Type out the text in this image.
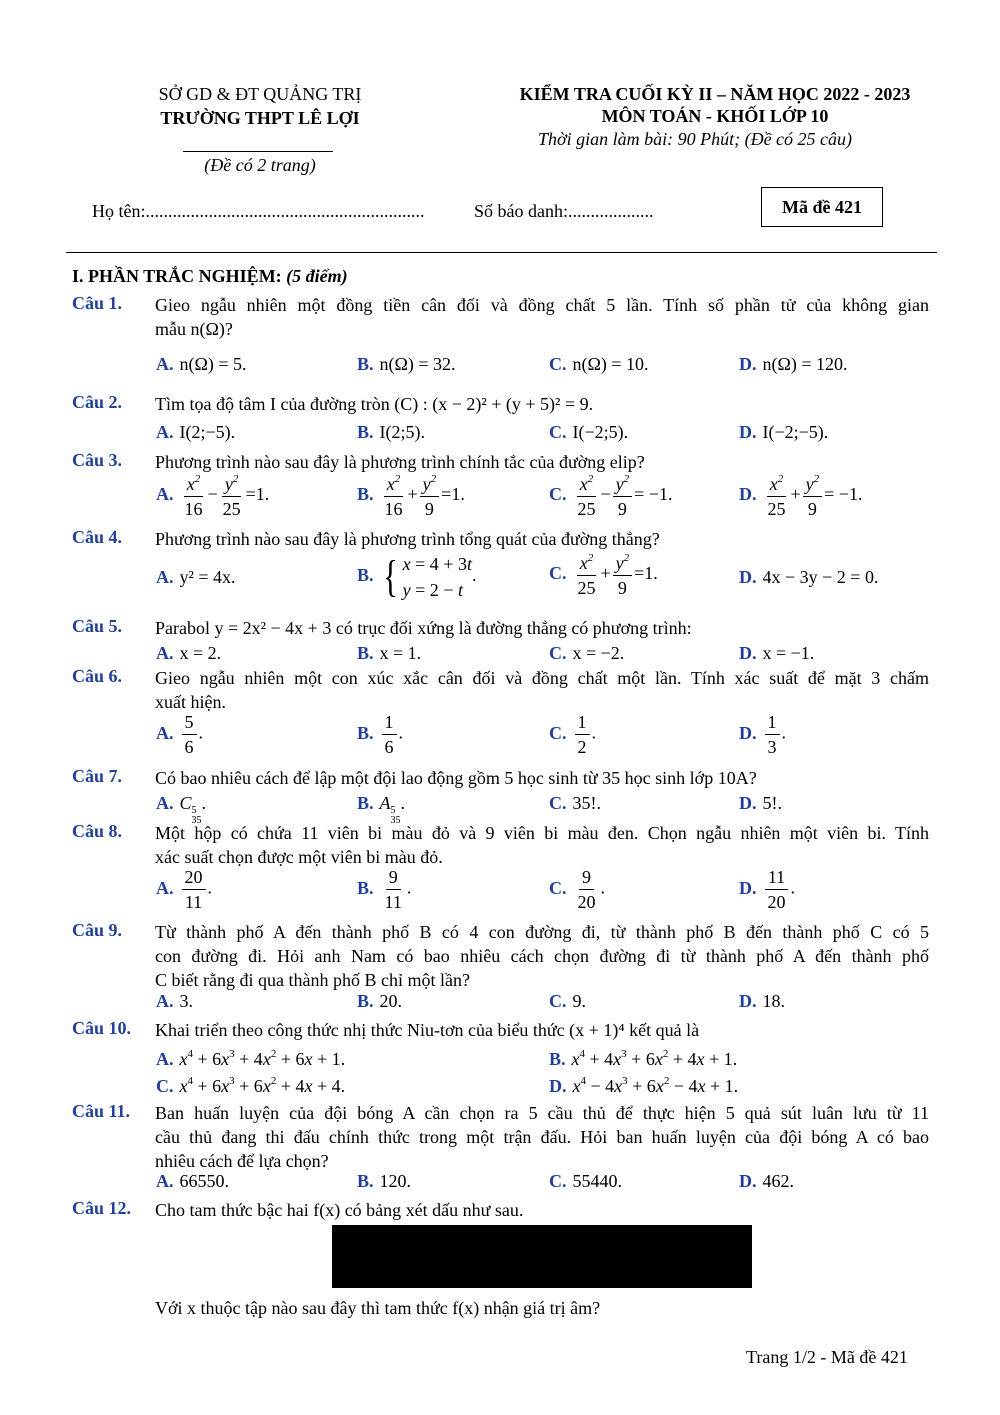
SỞ GD & ĐT QUẢNG TRỊ
TRƯỜNG THPT LÊ LỢI
(Đề có 2 trang)
KIỂM TRA CUỐI KỲ II – NĂM HỌC 2022 - 2023
MÔN TOÁN - KHỐI LỚP 10
Thời gian làm bài: 90 Phút; (Đề có 25 câu)
Họ tên:..............................................................	Số báo danh:...................	Mã đề 421
I. PHẦN TRẮC NGHIỆM: (5 điểm)
Câu 1. Gieo ngẫu nhiên một đồng tiền cân đối và đồng chất 5 lần. Tính số phần tử của không gian
mẫu n(Ω)?
A. n(Ω) = 5.	B. n(Ω) = 32.	C. n(Ω) = 10.	D. n(Ω) = 120.
Câu 2. Tìm tọa độ tâm I của đường tròn (C) : (x − 2)² + (y + 5)² = 9.
A. I(2;−5).	B. I(2;5).	C. I(−2;5).	D. I(−2;−5).
Câu 3. Phương trình nào sau đây là phương trình chính tắc của đường elip?
A. $\frac{x^2}{16} - \frac{y^2}{25} =1$.	B. $\frac{x^2}{16} + \frac{y^2}{9} =1$.	C. $\frac{x^2}{25} - \frac{y^2}{9} = -1$.	D. $\frac{x^2}{25} + \frac{y^2}{9} = -1$.
Câu 4. Phương trình nào sau đây là phương trình tổng quát của đường thẳng?
A. y² = 4x.	B. { x = 4 + 3t
y = 2 − t
.	C. $\frac{x^2}{25} + \frac{y^2}{9} =1$.	D. 4x − 3y − 2 = 0.
Câu 5. Parabol y = 2x² − 4x + 3 có trục đối xứng là đường thẳng có phương trình:
A. x = 2.	B. x = 1.	C. x = −2.	D. x = −1.
Câu 6. Gieo ngẫu nhiên một con xúc xắc cân đối và đồng chất một lần. Tính xác suất để mặt 3 chấm
xuất hiện.
A. $\frac{5}{6}$ .	B. $\frac{1}{6}$ .	C. $\frac{1}{2}$ .	D. $\frac{1}{3}$ .
Câu 7. Có bao nhiêu cách để lập một đội lao động gồm 5 học sinh từ 35 học sinh lớp 10A?
A. C 5
35
.	B. A 5
35
.	C. 35!.	D. 5!.
Câu 8. Một hộp có chứa 11 viên bi màu đỏ và 9 viên bi màu đen. Chọn ngẫu nhiên một viên bi. Tính
xác suất chọn được một viên bi màu đỏ.
A. $\frac{20}{11}$ .	B. $\frac{9}{11}$ .	C. $\frac{9}{20}$ .	D. $\frac{11}{20}$ .
Câu 9. Từ thành phố A đến thành phố B có 4 con đường đi, từ thành phố B đến thành phố C có 5
con đường đi. Hỏi anh Nam có bao nhiêu cách chọn đường đi từ thành phố A đến thành phố
C biết rằng đi qua thành phố B chỉ một lần?
A. 3.	B. 20.	C. 9.	D. 18.
Câu 10. Khai triển theo công thức nhị thức Niu-tơn của biểu thức (x + 1)⁴ kết quả là
A. $x^4 + 6x^3 + 4x^2 + 6x + 1$.	B. $x^4 + 4x^3 + 6x^2 + 4x + 1$.
C. $x^4 + 6x^3 + 6x^2 + 4x + 4$.	D. $x^4 - 4x^3 + 6x^2 - 4x + 1$.
Câu 11. Ban huấn luyện của đội bóng A cần chọn ra 5 cầu thủ để thực hiện 5 quả sút luân lưu từ 11
cầu thủ đang thi đấu chính thức trong một trận đấu. Hỏi ban huấn luyện của đội bóng A có bao
nhiêu cách để lựa chọn?
A. 66550.	B. 120.	C. 55440.	D. 462.
Câu 12. Cho tam thức bậc hai f(x) có bảng xét dấu như sau.
Với x thuộc tập nào sau đây thì tam thức f(x) nhận giá trị âm?
Trang 1/2 - Mã đề 421
